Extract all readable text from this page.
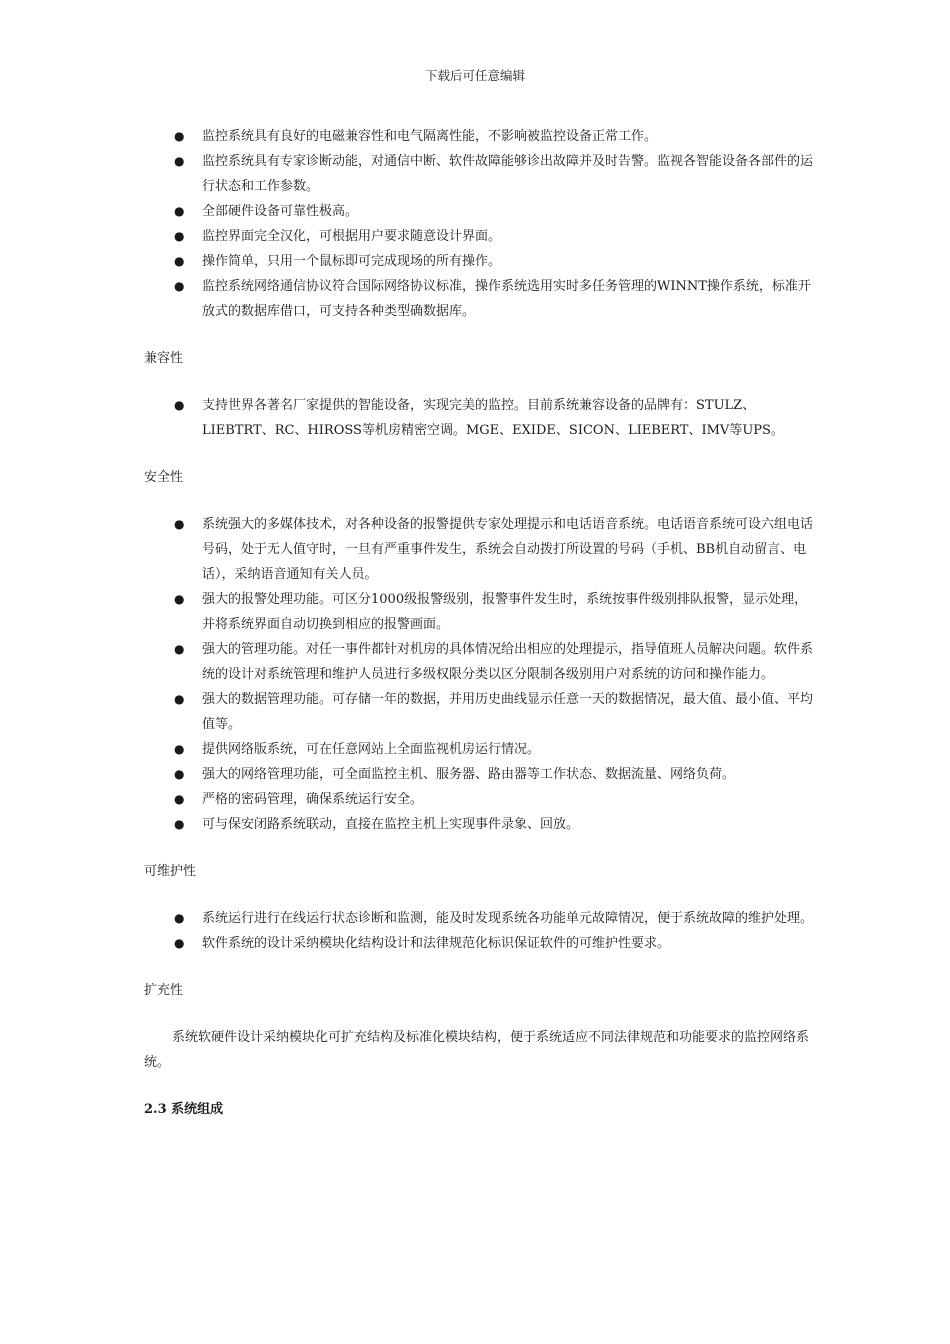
下载后可任意编辑
● 监控系统具有良好的电磁兼容性和电气隔离性能，不影响被监控设备正常工作。
● 监控系统具有专家诊断动能，对通信中断、软件故障能够诊出故障并及时告警。监视各智能设备各部件的运行状态和工作参数。
● 全部硬件设备可靠性极高。
● 监控界面完全汉化，可根据用户要求随意设计界面。
● 操作简单，只用一个鼠标即可完成现场的所有操作。
● 监控系统网络通信协议符合国际网络协议标准，操作系统选用实时多任务管理的WINNT操作系统，标准开放式的数据库借口，可支持各种类型确数据库。

兼容性

● 支持世界各著名厂家提供的智能设备，实现完美的监控。目前系统兼容设备的品牌有：STULZ、LIEBTRT、RC、HIROSS等机房精密空调。MGE、EXIDE、SICON、LIEBERT、IMV等UPS。

安全性

● 系统强大的多媒体技术，对各种设备的报警提供专家处理提示和电话语音系统。电话语音系统可设六组电话号码，处于无人值守时，一旦有严重事件发生，系统会自动拨打所设置的号码（手机、BB机自动留言、电话），采纳语音通知有关人员。
● 强大的报警处理功能。可区分1000级报警级别，报警事件发生时，系统按事件级别排队报警，显示处理，并将系统界面自动切换到相应的报警画面。
● 强大的管理功能。对任一事件都针对机房的具体情况给出相应的处理提示，指导值班人员解决问题。软件系统的设计对系统管理和维护人员进行多级权限分类以区分限制各级别用户对系统的访问和操作能力。
● 强大的数据管理功能。可存储一年的数据，并用历史曲线显示任意一天的数据情况，最大值、最小值、平均值等。
● 提供网络版系统，可在任意网站上全面监视机房运行情况。
● 强大的网络管理功能，可全面监控主机、服务器、路由器等工作状态、数据流量、网络负荷。
● 严格的密码管理，确保系统运行安全。
● 可与保安闭路系统联动，直接在监控主机上实现事件录象、回放。

可维护性

● 系统运行进行在线运行状态诊断和监测，能及时发现系统各功能单元故障情况，便于系统故障的维护处理。
● 软件系统的设计采纳模块化结构设计和法律规范化标识保证软件的可维护性要求。

扩充性

系统软硬件设计采纳模块化可扩充结构及标准化模块结构，便于系统适应不同法律规范和功能要求的监控网络系统。

2.3 系统组成
